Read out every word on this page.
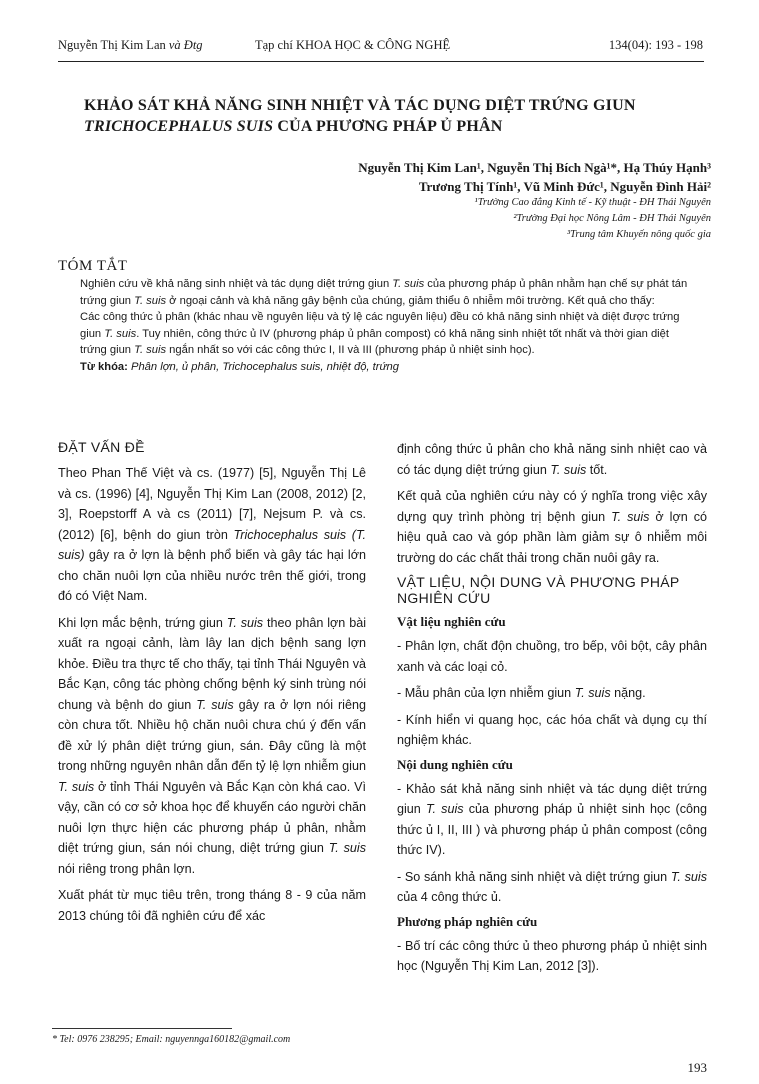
Nguyễn Thị Kim Lan và Đtg	Tạp chí KHOA HỌC & CÔNG NGHỆ	134(04): 193 - 198
KHẢO SÁT KHẢ NĂNG SINH NHIỆT VÀ TÁC DỤNG DIỆT TRỨNG GIUN
TRICHOCEPHALUS SUIS CỦA PHƯƠNG PHÁP Ủ PHÂN
Nguyễn Thị Kim Lan¹, Nguyễn Thị Bích Ngà¹*, Hạ Thúy Hạnh³
Trương Thị Tính¹, Vũ Minh Đức¹, Nguyễn Đình Hải²
¹Trường Cao đẳng Kinh tế - Kỹ thuật - ĐH Thái Nguyên
²Trường Đại học Nông Lâm - ĐH Thái Nguyên
³Trung tâm Khuyến nông quốc gia
TÓM TẮT

Nghiên cứu về khả năng sinh nhiệt và tác dụng diệt trứng giun T. suis của phương pháp ủ phân nhằm hạn chế sự phát tán trứng giun T. suis ở ngoại cảnh và khả năng gây bệnh của chúng, giảm thiểu ô nhiễm môi trường. Kết quả cho thấy:

Các công thức ủ phân (khác nhau về nguyên liệu và tỷ lệ các nguyên liệu) đều có khả năng sinh nhiệt và diệt được trứng giun T. suis. Tuy nhiên, công thức ủ IV (phương pháp ủ phân compost) có khả năng sinh nhiệt tốt nhất và thời gian diệt trứng giun T. suis ngắn nhất so với các công thức I, II và III (phương pháp ủ nhiệt sinh học).

Từ khóa: Phân lợn, ủ phân, Trichocephalus suis, nhiệt độ, trứng

ĐẶT VẤN ĐỀ

Theo Phan Thế Việt và cs. (1977) [5], Nguyễn Thị Lê và cs. (1996) [4], Nguyễn Thị Kim Lan (2008, 2012) [2, 3], Roepstorff A và cs (2011) [7], Nejsum P. và cs. (2012) [6], bệnh do giun tròn Trichocephalus suis (T. suis) gây ra ở lợn là bệnh phổ biến và gây tác hại lớn cho chăn nuôi lợn của nhiều nước trên thế giới, trong đó có Việt Nam.

Khi lợn mắc bệnh, trứng giun T. suis theo phân lợn bài xuất ra ngoại cảnh, làm lây lan dịch bệnh sang lợn khỏe. Điều tra thực tế cho thấy, tại tỉnh Thái Nguyên và Bắc Kạn, công tác phòng chống bệnh ký sinh trùng nói chung và bệnh do giun T. suis gây ra ở lợn nói riêng còn chưa tốt. Nhiều hộ chăn nuôi chưa chú ý đến vấn đề xử lý phân diệt trứng giun, sán. Đây cũng là một trong những nguyên nhân dẫn đến tỷ lệ lợn nhiễm giun T. suis ở tỉnh Thái Nguyên và Bắc Kạn còn khá cao. Vì vậy, cần có cơ sở khoa học để khuyến cáo người chăn nuôi lợn thực hiện các phương pháp ủ phân, nhằm diệt trứng giun, sán nói chung, diệt trứng giun T. suis nói riêng trong phân lợn.

Xuất phát từ mục tiêu trên, trong tháng 8 - 9 của năm 2013 chúng tôi đã nghiên cứu để xác

định công thức ủ phân cho khả năng sinh nhiệt cao và có tác dụng diệt trứng giun T. suis tốt.

Kết quả của nghiên cứu này có ý nghĩa trong việc xây dựng quy trình phòng trị bệnh giun T. suis ở lợn có hiệu quả cao và góp phần làm giảm sự ô nhiễm môi trường do các chất thải trong chăn nuôi gây ra.

VẬT LIỆU, NỘI DUNG VÀ PHƯƠNG PHÁP NGHIÊN CỨU
Vật liệu nghiên cứu

- Phân lợn, chất độn chuồng, tro bếp, vôi bột, cây phân xanh và các loại cỏ.

- Mẫu phân của lợn nhiễm giun T. suis nặng.

- Kính hiển vi quang học, các hóa chất và dụng cụ thí nghiệm khác.

Nội dung nghiên cứu

- Khảo sát khả năng sinh nhiệt và tác dụng diệt trứng giun T. suis của phương pháp ủ nhiệt sinh học (công thức ủ I, II, III ) và phương pháp ủ phân compost (công thức IV).

- So sánh khả năng sinh nhiệt và diệt trứng giun T. suis của 4 công thức ủ.

Phương pháp nghiên cứu

- Bố trí các công thức ủ theo phương pháp ủ nhiệt sinh học (Nguyễn Thị Kim Lan, 2012 [3]).

* Tel: 0976 238295; Email: nguyennga160182@gmail.com
193
